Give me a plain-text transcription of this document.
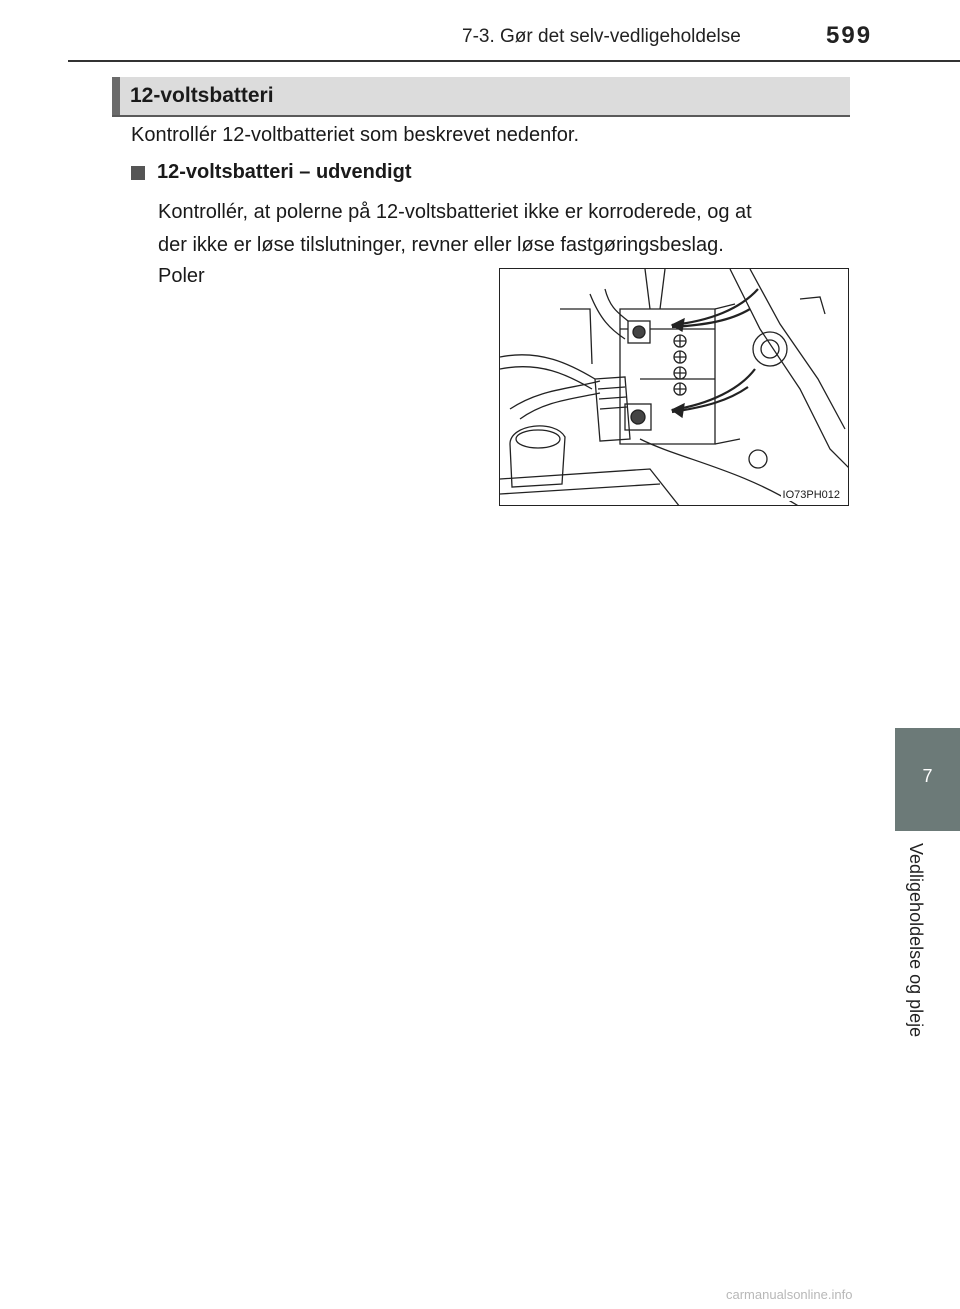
7-3. Gør det selv-vedligeholdelse	599
12-voltsbatteri
Kontrollér 12-voltbatteriet som beskrevet nedenfor.
12-voltsbatteri – udvendigt
Kontrollér, at polerne på 12-voltsbatteriet ikke er korroderede, og at
der ikke er løse tilslutninger, revner eller løse fastgøringsbeslag.
Poler
IO73PH012
7
Vedligeholdelse og pleje
carmanualsonline.info
